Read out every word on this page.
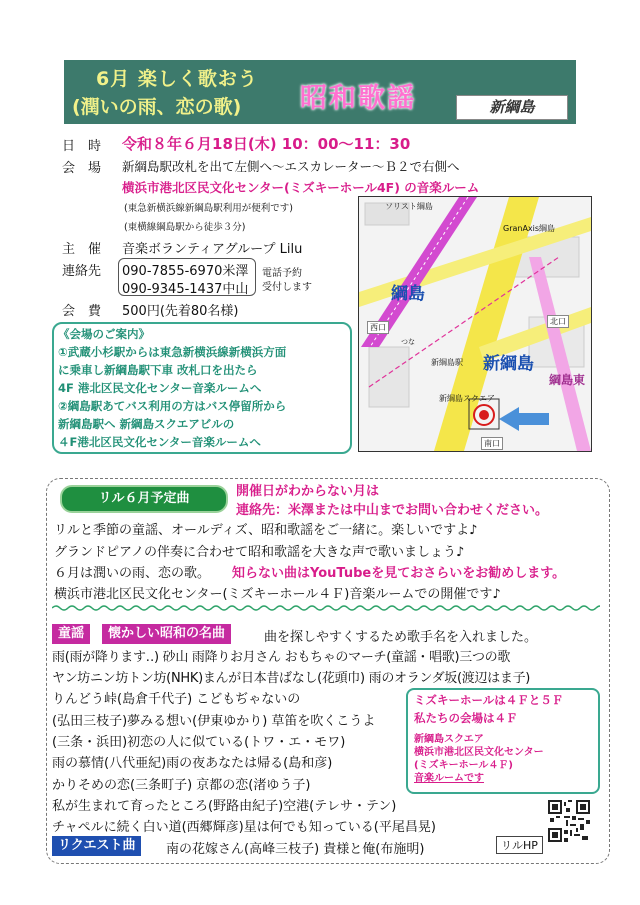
6月 楽しく歌おう
(潤いの雨、恋の歌) 昭和歌謡	新綱島
日　時 令和８年６月18日(木) 10：00～11：30
会　場 新綱島駅改札を出て左側へ～エスカレーター～Ｂ２で右側へ
横浜市港北区民文化センター(ミズキーホール4F) の音楽ルーム
(東急新横浜線新綱島駅利用が便利です)
(東横線綱島駅から徒歩３分)
主　催 音楽ボランティアグループ Lilu
連絡先 090-7855-6970米澤
090-9345-1437中山
電話予約
受付します
会　費 500円(先着80名様)
《会場のご案内》
①武蔵小杉駅からは東急新横浜線新横浜方面
に乗車し新綱島駅下車 改札口を出たら
4F 港北区民文化センター音楽ルームへ
②綱島駅あてバス利用の方はバス停留所から
新綱島駅へ 新綱島スクエアビルの
４F港北区民文化センター音楽ルームへ
ソリスト綱島
GranAxis綱島
綱島
西口
北口
つな
新綱島
綱島東
新綱島駅
新綱島スクエア
南口
リル６月予定曲	開催日がわからない月は
連絡先：米澤または中山までお問い合わせください。
リルと季節の童謡、オールディズ、昭和歌謡をご一緒に。楽しいですよ♪
グランドピアノの伴奏に合わせて昭和歌謡を大きな声で歌いましょう♪
６月は潤いの雨、恋の歌。 知らない曲はYouTubeを見ておさらいをお勧めします。
横浜市港北区民文化センター(ミズキーホール４Ｆ)音楽ルームでの開催です♪
童謡	懐かしい昭和の名曲	曲を探しやすくするため歌手名を入れました。
雨(雨が降ります‥) 砂山 雨降りお月さん おもちゃのマーチ(童謡・唱歌)三つの歌
ヤン坊ニン坊トン坊(NHK)まんが日本昔ばなし(花頭巾) 雨のオランダ坂(渡辺はま子)
りんどう峠(島倉千代子) こどもぢゃないの
(弘田三枝子)夢みる想い(伊東ゆかり) 草笛を吹くこうよ
(三条・浜田)初恋の人に似ている(トワ・エ・モワ)
雨の慕情(八代亜紀)雨の夜あなたは帰る(島和彦)
かりそめの恋(三条町子) 京都の恋(渚ゆう子)
私が生まれて育ったところ(野路由紀子)空港(テレサ・テン)
チャペルに続く白い道(西郷輝彦)星は何でも知っている(平尾昌晃)
リクエスト曲	南の花嫁さん(高峰三枝子) 貴様と俺(布施明)	リルHP
ミズキーホールは４Ｆと５Ｆ
私たちの会場は４Ｆ
新綱島スクエア
横浜市港北区民文化センター
(ミズキーホール４Ｆ)
音楽ルームです
